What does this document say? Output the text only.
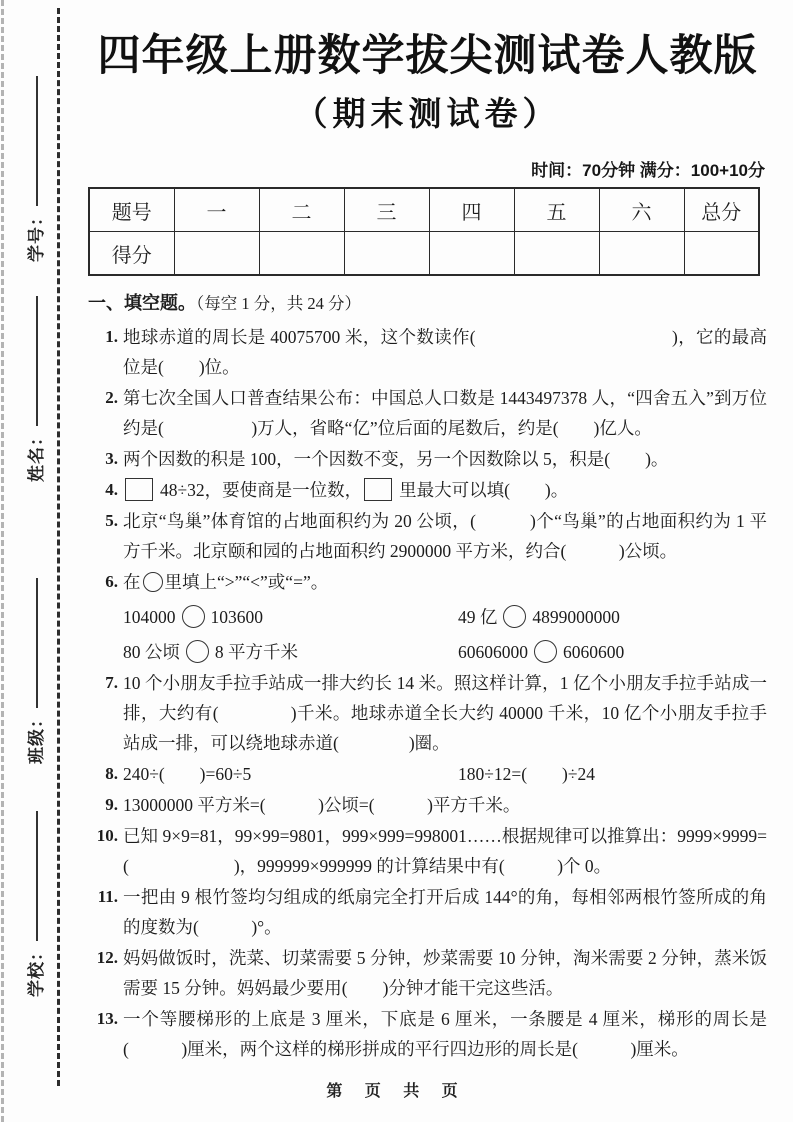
学号：
姓名：
班级：
学校：
四年级上册数学拔尖测试卷人教版
（期末测试卷）
时间：70分钟 满分：100+10分
题号	一	二	三	四	五	六	总分
得分							
一、填空题。（每空 1 分，共 24 分）
1. 地球赤道的周长是 40075700 米，这个数读作(　　　　　　　　　　　)，它的最高位是(　　)位。
2. 第七次全国人口普查结果公布：中国总人口数是 1443497378 人，“四舍五入”到万位约是(　　　　　)万人，省略“亿”位后面的尾数后，约是(　　)亿人。
3. 两个因数的积是 100，一个因数不变，另一个因数除以 5，积是(　　)。
4.	48÷32，要使商是一位数， 里最大可以填(　　)。
5. 北京“鸟巢”体育馆的占地面积约为 20 公顷，(　　　)个“鸟巢”的占地面积约为 1 平方千米。北京颐和园的占地面积约 2900000 平方米，约合(　　　)公顷。
6. 在 里填上“>”“<”或“=”。
104000 103600	49 亿 4899000000
80 公顷 8 平方千米	60606000 6060600
7. 10 个小朋友手拉手站成一排大约长 14 米。照这样计算，1 亿个小朋友手拉手站成一排，大约有(　　　　)千米。地球赤道全长大约 40000 千米，10 亿个小朋友手拉手站成一排，可以绕地球赤道(　　　　)圈。
8. 240÷(　　)=60÷5	180÷12=(　　)÷24
9. 13000000 平方米=(　　　)公顷=(　　　)平方千米。
10. 已知 9×9=81，99×99=9801，999×999=998001……根据规律可以推算出：9999×9999=(　　　　　　)，999999×999999 的计算结果中有(　　　)个 0。
11. 一把由 9 根竹签均匀组成的纸扇完全打开后成 144°的角，每相邻两根竹签所成的角的度数为(　　　)°。
12. 妈妈做饭时，洗菜、切菜需要 5 分钟，炒菜需要 10 分钟，淘米需要 2 分钟，蒸米饭需要 15 分钟。妈妈最少要用(　　)分钟才能干完这些活。
13. 一个等腰梯形的上底是 3 厘米，下底是 6 厘米，一条腰是 4 厘米，梯形的周长是(　　　)厘米，两个这样的梯形拼成的平行四边形的周长是(　　　)厘米。
第 页 共 页
